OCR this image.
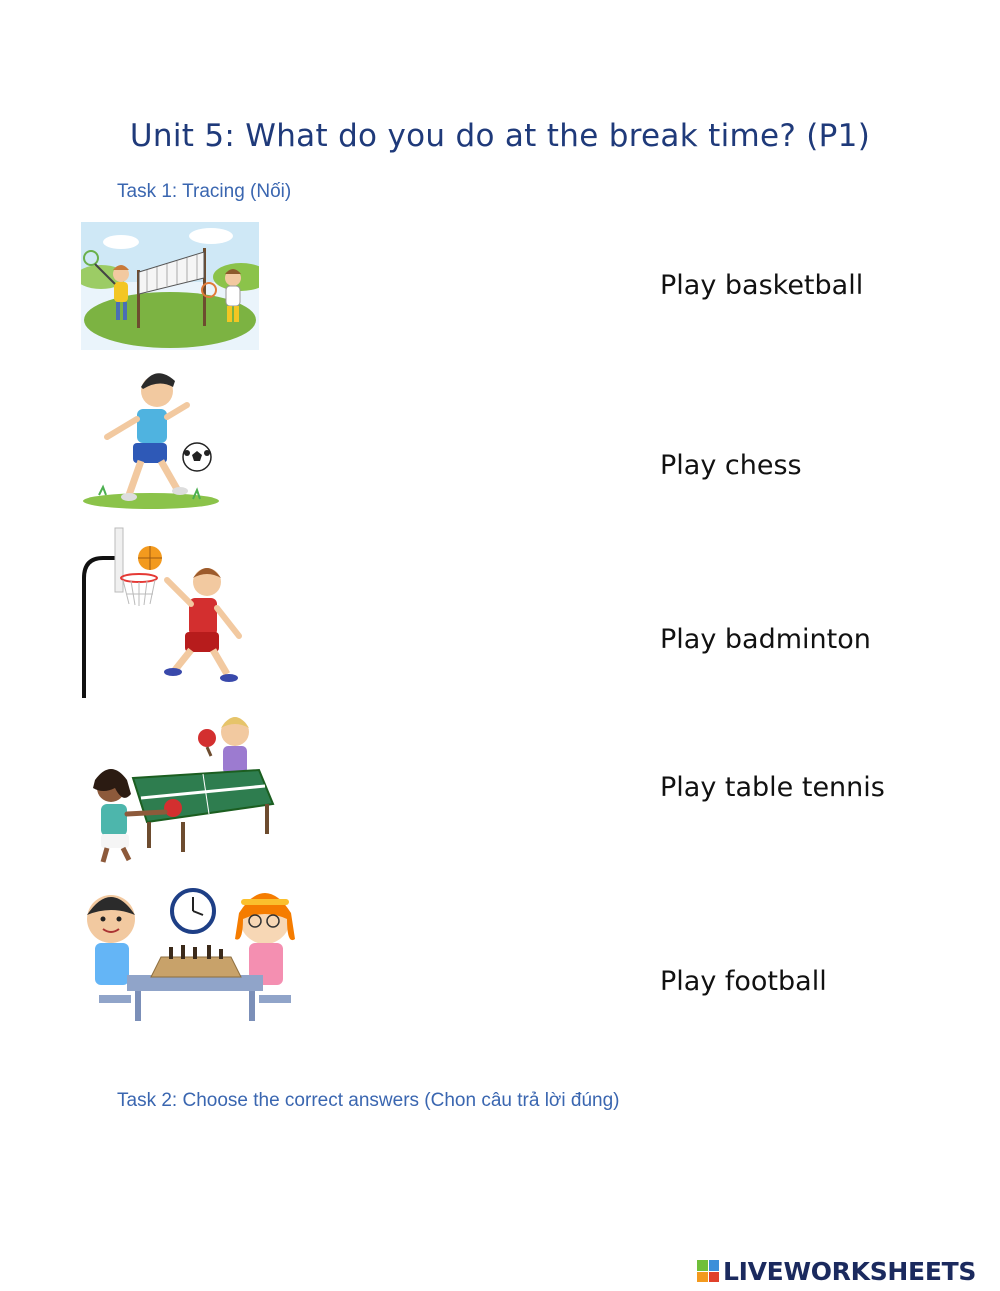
Unit 5: What do you do at the break time? (P1)
Task 1: Tracing (Nối)
Play basketball
Play chess
Play badminton
Play table tennis
Play football
Task 2: Choose the correct answers (Chon câu trả lời đúng)
LIVEWORKSHEETS
